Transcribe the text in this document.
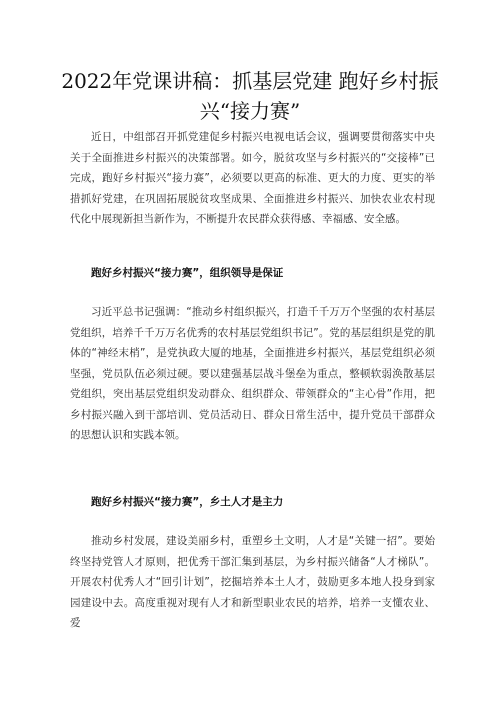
2022年党课讲稿：抓基层党建 跑好乡村振兴“接力赛”

近日，中组部召开抓党建促乡村振兴电视电话会议，强调要贯彻落实中央关于全面推进乡村振兴的决策部署。如今，脱贫攻坚与乡村振兴的“交接棒”已完成，跑好乡村振兴“接力赛”，必须要以更高的标准、更大的力度、更实的举措抓好党建，在巩固拓展脱贫攻坚成果、全面推进乡村振兴、加快农业农村现代化中展现新担当新作为，不断提升农民群众获得感、幸福感、安全感。

跑好乡村振兴“接力赛”，组织领导是保证

习近平总书记强调：“推动乡村组织振兴，打造千千万万个坚强的农村基层党组织，培养千千万万名优秀的农村基层党组织书记”。党的基层组织是党的肌体的“神经末梢”，是党执政大厦的地基，全面推进乡村振兴，基层党组织必须坚强，党员队伍必须过硬。要以建强基层战斗堡垒为重点，整顿软弱涣散基层党组织，突出基层党组织发动群众、组织群众、带领群众的“主心骨”作用，把乡村振兴融入到干部培训、党员活动日、群众日常生活中，提升党员干部群众的思想认识和实践本领。

跑好乡村振兴“接力赛”，乡土人才是主力

推动乡村发展，建设美丽乡村，重塑乡土文明，人才是“关键一招”。要始终坚持党管人才原则，把优秀干部汇集到基层，为乡村振兴储备“人才梯队”。开展农村优秀人才“回引计划”，挖掘培养本土人才，鼓励更多本地人投身到家园建设中去。高度重视对现有人才和新型职业农民的培养，培养一支懂农业、爱
